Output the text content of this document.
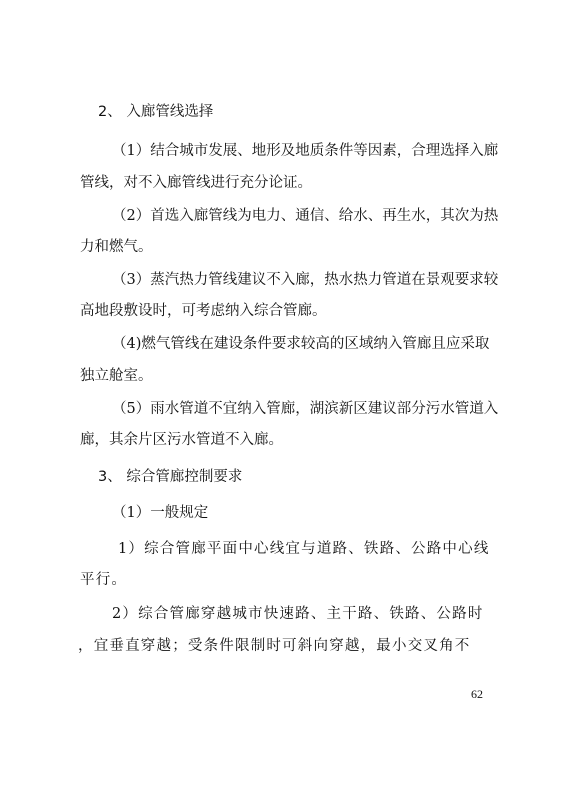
2、 入廊管线选择
（1）结合城市发展、地形及地质条件等因素，合理选择入廊
管线，对不入廊管线进行充分论证。
（2）首选入廊管线为电力、通信、给水、再生水，其次为热
力和燃气。
（3）蒸汽热力管线建议不入廊，热水热力管道在景观要求较
高地段敷设时，可考虑纳入综合管廊。
（4)燃气管线在建设条件要求较高的区域纳入管廊且应采取
独立舱室。
（5）雨水管道不宜纳入管廊，湖滨新区建议部分污水管道入
廊，其余片区污水管道不入廊。
3、 综合管廊控制要求
（1）一般规定
1）综合管廊平面中心线宜与道路、铁路、公路中心线
平行。
2）综合管廊穿越城市快速路、主干路、铁路、公路时
，宜垂直穿越；受条件限制时可斜向穿越，最小交叉角不
62
